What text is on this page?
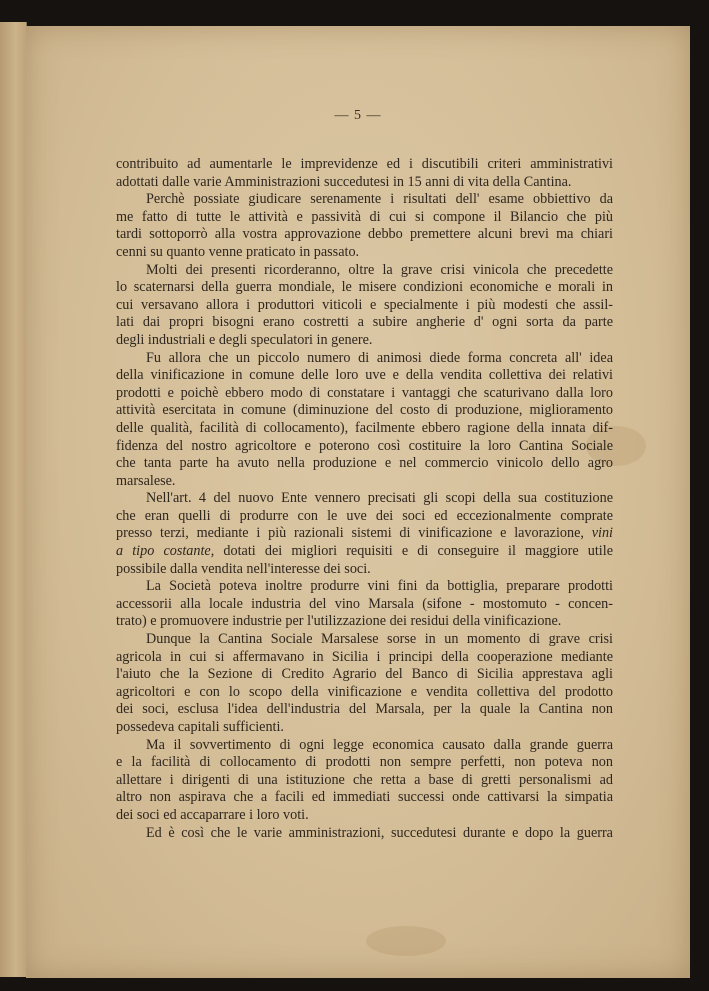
— 5 —
contribuito ad aumentarle le imprevidenze ed i discutibili criteri amministrativi
adottati dalle varie Amministrazioni succedutesi in 15 anni di vita della Cantina.
Perchè possiate giudicare serenamente i risultati dell' esame obbiettivo da
me fatto di tutte le attività e passività di cui si compone il Bilancio che più
tardi sottoporrò alla vostra approvazione debbo premettere alcuni brevi ma chiari
cenni su quanto venne praticato in passato.
Molti dei presenti ricorderanno, oltre la grave crisi vinicola che precedette
lo scaternarsi della guerra mondiale, le misere condizioni economiche e morali in
cui versavano allora i produttori viticoli e specialmente i più modesti che assil-
lati dai propri bisogni erano costretti a subire angherie d' ogni sorta da parte
degli industriali e degli speculatori in genere.
Fu allora che un piccolo numero di animosi diede forma concreta all' idea
della vinificazione in comune delle loro uve e della vendita collettiva dei relativi
prodotti e poichè ebbero modo di constatare i vantaggi che scaturivano dalla loro
attività esercitata in comune (diminuzione del costo di produzione, miglioramento
delle qualità, facilità di collocamento), facilmente ebbero ragione della innata dif-
fidenza del nostro agricoltore e poterono così costituire la loro Cantina Sociale
che tanta parte ha avuto nella produzione e nel commercio vinicolo dello agro
marsalese.
Nell'art. 4 del nuovo Ente vennero precisati gli scopi della sua costituzione
che eran quelli di produrre con le uve dei soci ed eccezionalmente comprate
presso terzi, mediante i più razionali sistemi di vinificazione e lavorazione, vini
a tipo costante, dotati dei migliori requisiti e di conseguire il maggiore utile
possibile dalla vendita nell'interesse dei soci.
La Società poteva inoltre produrre vini fini da bottiglia, preparare prodotti
accessorii alla locale industria del vino Marsala (sifone - mostomuto - concen-
trato) e promuovere industrie per l'utilizzazione dei residui della vinificazione.
Dunque la Cantina Sociale Marsalese sorse in un momento di grave crisi
agricola in cui si affermavano in Sicilia i principi della cooperazione mediante
l'aiuto che la Sezione di Credito Agrario del Banco di Sicilia apprestava agli
agricoltori e con lo scopo della vinificazione e vendita collettiva del prodotto
dei soci, esclusa l'idea dell'industria del Marsala, per la quale la Cantina non
possedeva capitali sufficienti.
Ma il sovvertimento di ogni legge economica causato dalla grande guerra
e la facilità di collocamento di prodotti non sempre perfetti, non poteva non
allettare i dirigenti di una istituzione che retta a base di gretti personalismi ad
altro non aspirava che a facili ed immediati successi onde cattivarsi la simpatia
dei soci ed accaparrare i loro voti.
Ed è così che le varie amministrazioni, succedutesi durante e dopo la guerra
